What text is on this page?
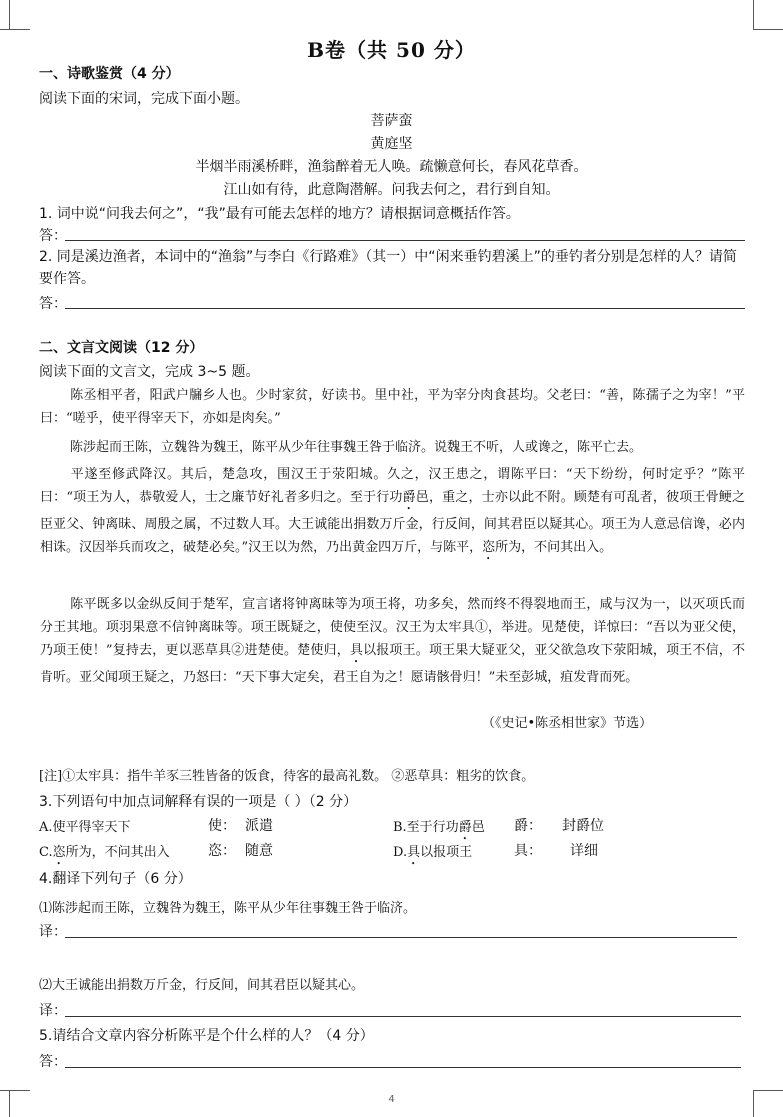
B卷（共 50 分）
一、诗歌鉴赏（4 分）
阅读下面的宋词，完成下面小题。
菩萨蛮
黄庭坚
半烟半雨溪桥畔，渔翁醉着无人唤。疏懒意何长，春风花草香。
江山如有待，此意陶潜解。问我去何之，君行到自知。
1. 词中说“问我去何之”，“我”最有可能去怎样的地方？请根据词意概括作答。
答：
2. 同是溪边渔者，本词中的“渔翁”与李白《行路难》（其一）中“闲来垂钓碧溪上”的垂钓者分别是怎样的人？请简要作答。
答：
二、文言文阅读（12 分）
阅读下面的文言文，完成 3~5 题。
陈丞相平者，阳武户牖乡人也。少时家贫，好读书。里中社，平为宰分肉食甚均。父老曰：“善，陈孺子之为宰！”平曰：“嗟乎，使平得宰天下，亦如是肉矣。”
陈涉起而王陈，立魏咎为魏王，陈平从少年往事魏王咎于临济。说魏王不听，人或谗之，陈平亡去。
平遂至修武降汉。其后，楚急攻，围汉王于荥阳城。久之，汉王患之，谓陈平曰：“天下纷纷，何时定乎？”陈平曰：“项王为人，恭敬爱人，士之廉节好礼者多归之。至于行功爵邑，重之，士亦以此不附。顾楚有可乱者，彼项王骨鲠之臣亚父、钟离昧、周殷之属，不过数人耳。大王诚能出捐数万斤金，行反间，间其君臣以疑其心。项王为人意忌信谗，必内相诛。汉因举兵而攻之，破楚必矣。”汉王以为然，乃出黄金四万斤，与陈平，恣所为，不问其出入。
陈平既多以金纵反间于楚军，宣言诸将钟离昧等为项王将，功多矣，然而终不得裂地而王，咸与汉为一，以灭项氏而分王其地。项羽果意不信钟离昧等。项王既疑之，使使至汉。汉王为太牢具①，举进。见楚使，详惊曰：“吾以为亚父使，乃项王使！”复持去，更以恶草具②进楚使。楚使归，具以报项王。项王果大疑亚父，亚父欲急攻下荥阳城，项王不信，不肯听。亚父闻项王疑之，乃怒曰：“天下事大定矣，君王自为之！愿请骸骨归！”未至彭城，疽发背而死。
（《史记•陈丞相世家》节选）
[注]①太牢具：指牛羊豕三牲皆备的饭食，待客的最高礼数。 ②恶草具：粗劣的饮食。
3.下列语句中加点词解释有误的一项是（ ）（2 分）
A.使平得宰天下	使： 派遣	B.至于行功爵邑 爵： 封爵位
C.恣所为，不问其出入	恣： 随意	D.具以报项王	具： 详细
4.翻译下列句子（6 分）
⑴陈涉起而王陈，立魏咎为魏王，陈平从少年往事魏王咎于临济。
译：
⑵大王诚能出捐数万斤金，行反间，间其君臣以疑其心。
译：
5.请结合文章内容分析陈平是个什么样的人？（4 分）
答：
4
